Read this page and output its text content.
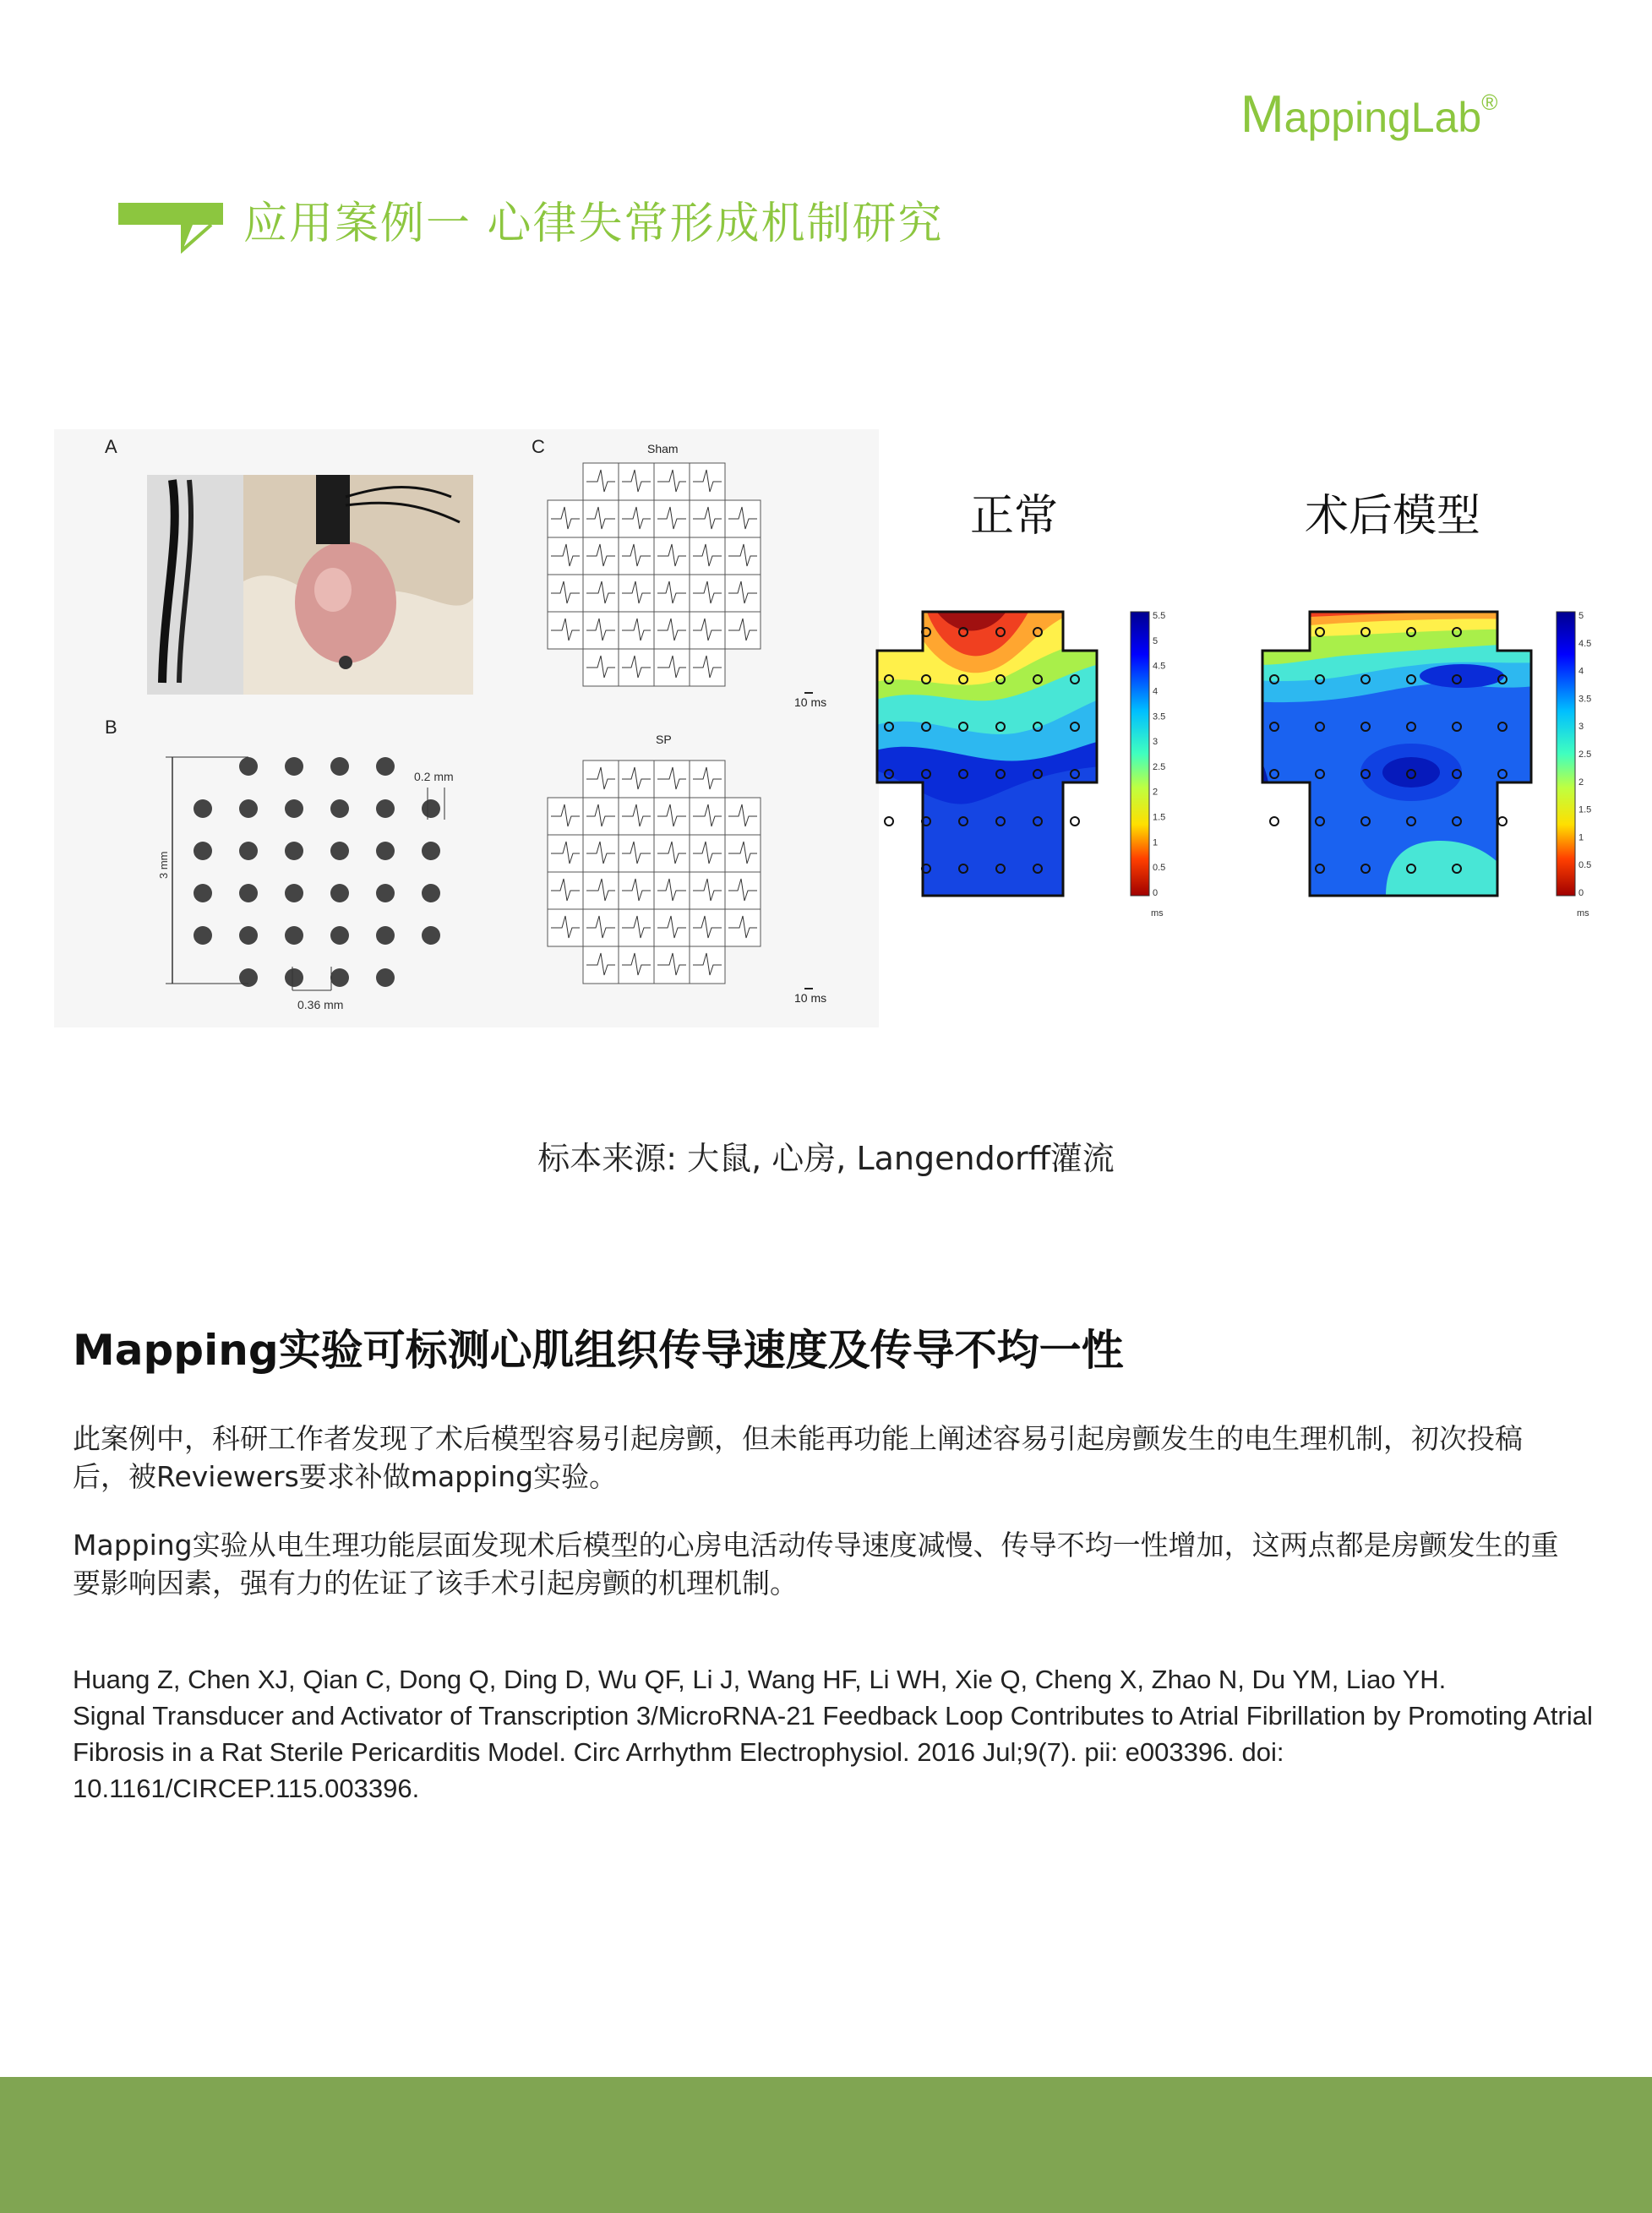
MappingLab®
应用案例一 心律失常形成机制研究
A
B
3 mm
0.2 mm
0.36 mm
C	Sham
10 ms
SP
10 ms
正常	术后模型
5.5
5
4.5
4
3.5
3
2.5
2
1.5
1
0.5
0
ms
5
4.5
4
3.5
3
2.5
2
1.5
1
0.5
0
ms
标本来源: 大鼠, 心房, Langendorff灌流
Mapping实验可标测心肌组织传导速度及传导不均一性
此案例中，科研工作者发现了术后模型容易引起房颤，但未能再功能上阐述容易引起房颤发生的电生理机制，初次投稿后，被Reviewers要求补做mapping实验。
Mapping实验从电生理功能层面发现术后模型的心房电活动传导速度减慢、传导不均一性增加，这两点都是房颤发生的重要影响因素，强有力的佐证了该手术引起房颤的机理机制。
Huang Z, Chen XJ, Qian C, Dong Q, Ding D, Wu QF, Li J, Wang HF, Li WH, Xie Q, Cheng X, Zhao N, Du YM, Liao YH.
Signal Transducer and Activator of Transcription 3/MicroRNA-21 Feedback Loop Contributes to Atrial Fibrillation by Promoting Atrial Fibrosis in a Rat Sterile Pericarditis Model. Circ Arrhythm Electrophysiol. 2016 Jul;9(7). pii: e003396. doi: 10.1161/CIRCEP.115.003396.
